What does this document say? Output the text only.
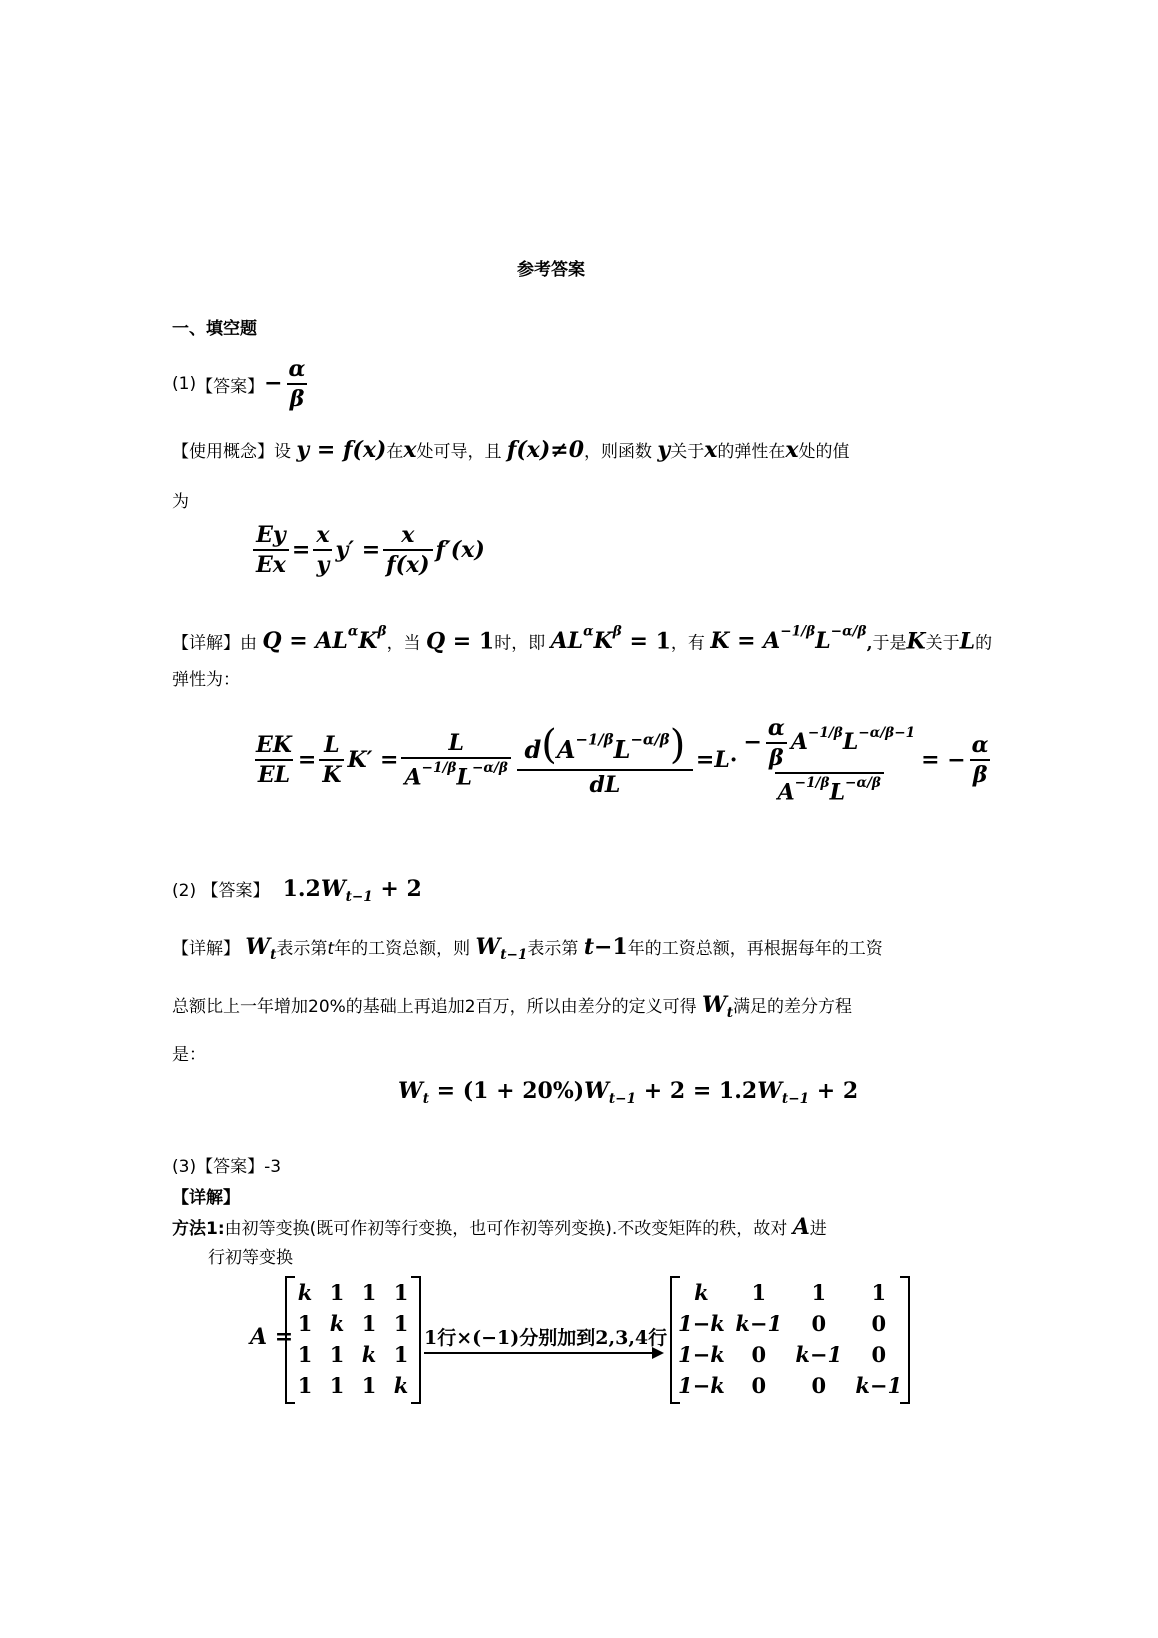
参考答案
一、填空题
(1) 【答案】 − $\frac{\alpha}{\beta}$
【使用概念】设 y = f(x)在x处可导，且 f(x)≠0，则函数 y关于x的弹性在x处的值
为
$\frac{Ey}{Ex} = \frac{x}{y} y' = \frac{x}{f(x)} f'(x)$
【详解】由 $Q = AL^\alpha K^\beta$，当 Q = 1时，即 $AL^\alpha K^\beta = 1$，有 $K = A^{-1/\beta}L^{-\alpha/\beta}$,于是K关于L的
弹性为：
$\frac{EK}{EL} = \frac{L}{K} K' = \frac{L}{A^{-1/\beta}L^{-\alpha/\beta}} \frac{d(A^{-1/\beta}L^{-\alpha/\beta})}{dL} = L \cdot \frac{- \frac{\alpha}{\beta} A^{-1/\beta}L^{-\alpha/\beta-1}}{A^{-1/\beta}L^{-\alpha/\beta}}$ = − $\frac{\alpha}{\beta}$
(2) 【答案】  $1.2W_{t-1} + 2$
【详解】 $W_t$表示第t年的工资总额，则 $W_{t-1}$表示第 t−1年的工资总额，再根据每年的工资
总额比上一年增加20%的基础上再追加2百万，所以由差分的定义可得 $W_t$满足的差分方程
是：
$W_t = (1 + 20\%)W_{t-1} + 2 = 1.2W_{t-1} + 2$
(3)【答案】-3
【详解】
方法1:由初等变换(既可作初等行变换，也可作初等列变换).不改变矩阵的秩，故对 A进
行初等变换
A =
k	1	1	1
1	k	1	1
1	1	k	1
1	1	1	k
1行×(−1)分别加到2,3,4行
k	1	1	1
1−k	k−1	0	0
1−k	0	k−1	0
1−k	0	0	k−1
